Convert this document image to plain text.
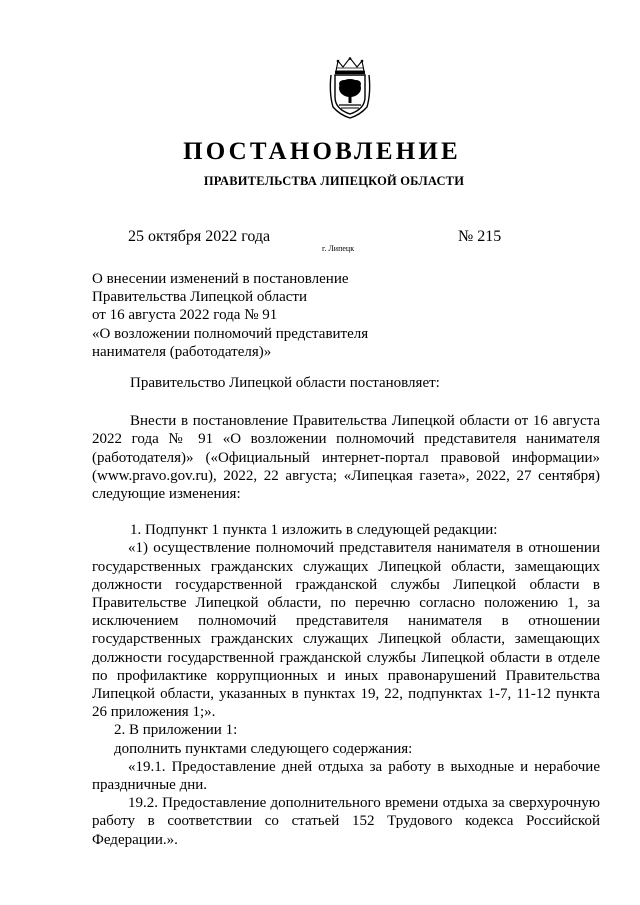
ПОСТАНОВЛЕНИЕ
ПРАВИТЕЛЬСТВА ЛИПЕЦКОЙ ОБЛАСТИ
25 октября 2022 года
г. Липецк
№ 215
О внесении изменений в постановление
Правительства Липецкой области
от 16 августа 2022 года № 91
«О возложении полномочий представителя
нанимателя (работодателя)»

Правительство Липецкой области постановляет:

Внести в постановление Правительства Липецкой области от 16 августа 2022 года № 91 «О возложении полномочий представителя нанимателя (работодателя)» («Официальный интернет-портал правовой информации» (www.pravo.gov.ru), 2022, 22 августа; «Липецкая газета», 2022, 27 сентября) следующие изменения:

1. Подпункт 1 пункта 1 изложить в следующей редакции:

«1) осуществление полномочий представителя нанимателя в отношении государственных гражданских служащих Липецкой области, замещающих должности государственной гражданской службы Липецкой области в Правительстве Липецкой области, по перечню согласно положению 1, за исключением полномочий представителя нанимателя в отношении государственных гражданских служащих Липецкой области, замещающих должности государственной гражданской службы Липецкой области в отделе по профилактике коррупционных и иных правонарушений Правительства Липецкой области, указанных в пунктах 19, 22, подпунктах 1-7, 11-12 пункта 26 приложения 1;».

2. В приложении 1:

дополнить пунктами следующего содержания:

«19.1. Предоставление дней отдыха за работу в выходные и нерабочие праздничные дни.

19.2. Предоставление дополнительного времени отдыха за сверхурочную работу в соответствии со статьей 152 Трудового кодекса Российской Федерации.».
